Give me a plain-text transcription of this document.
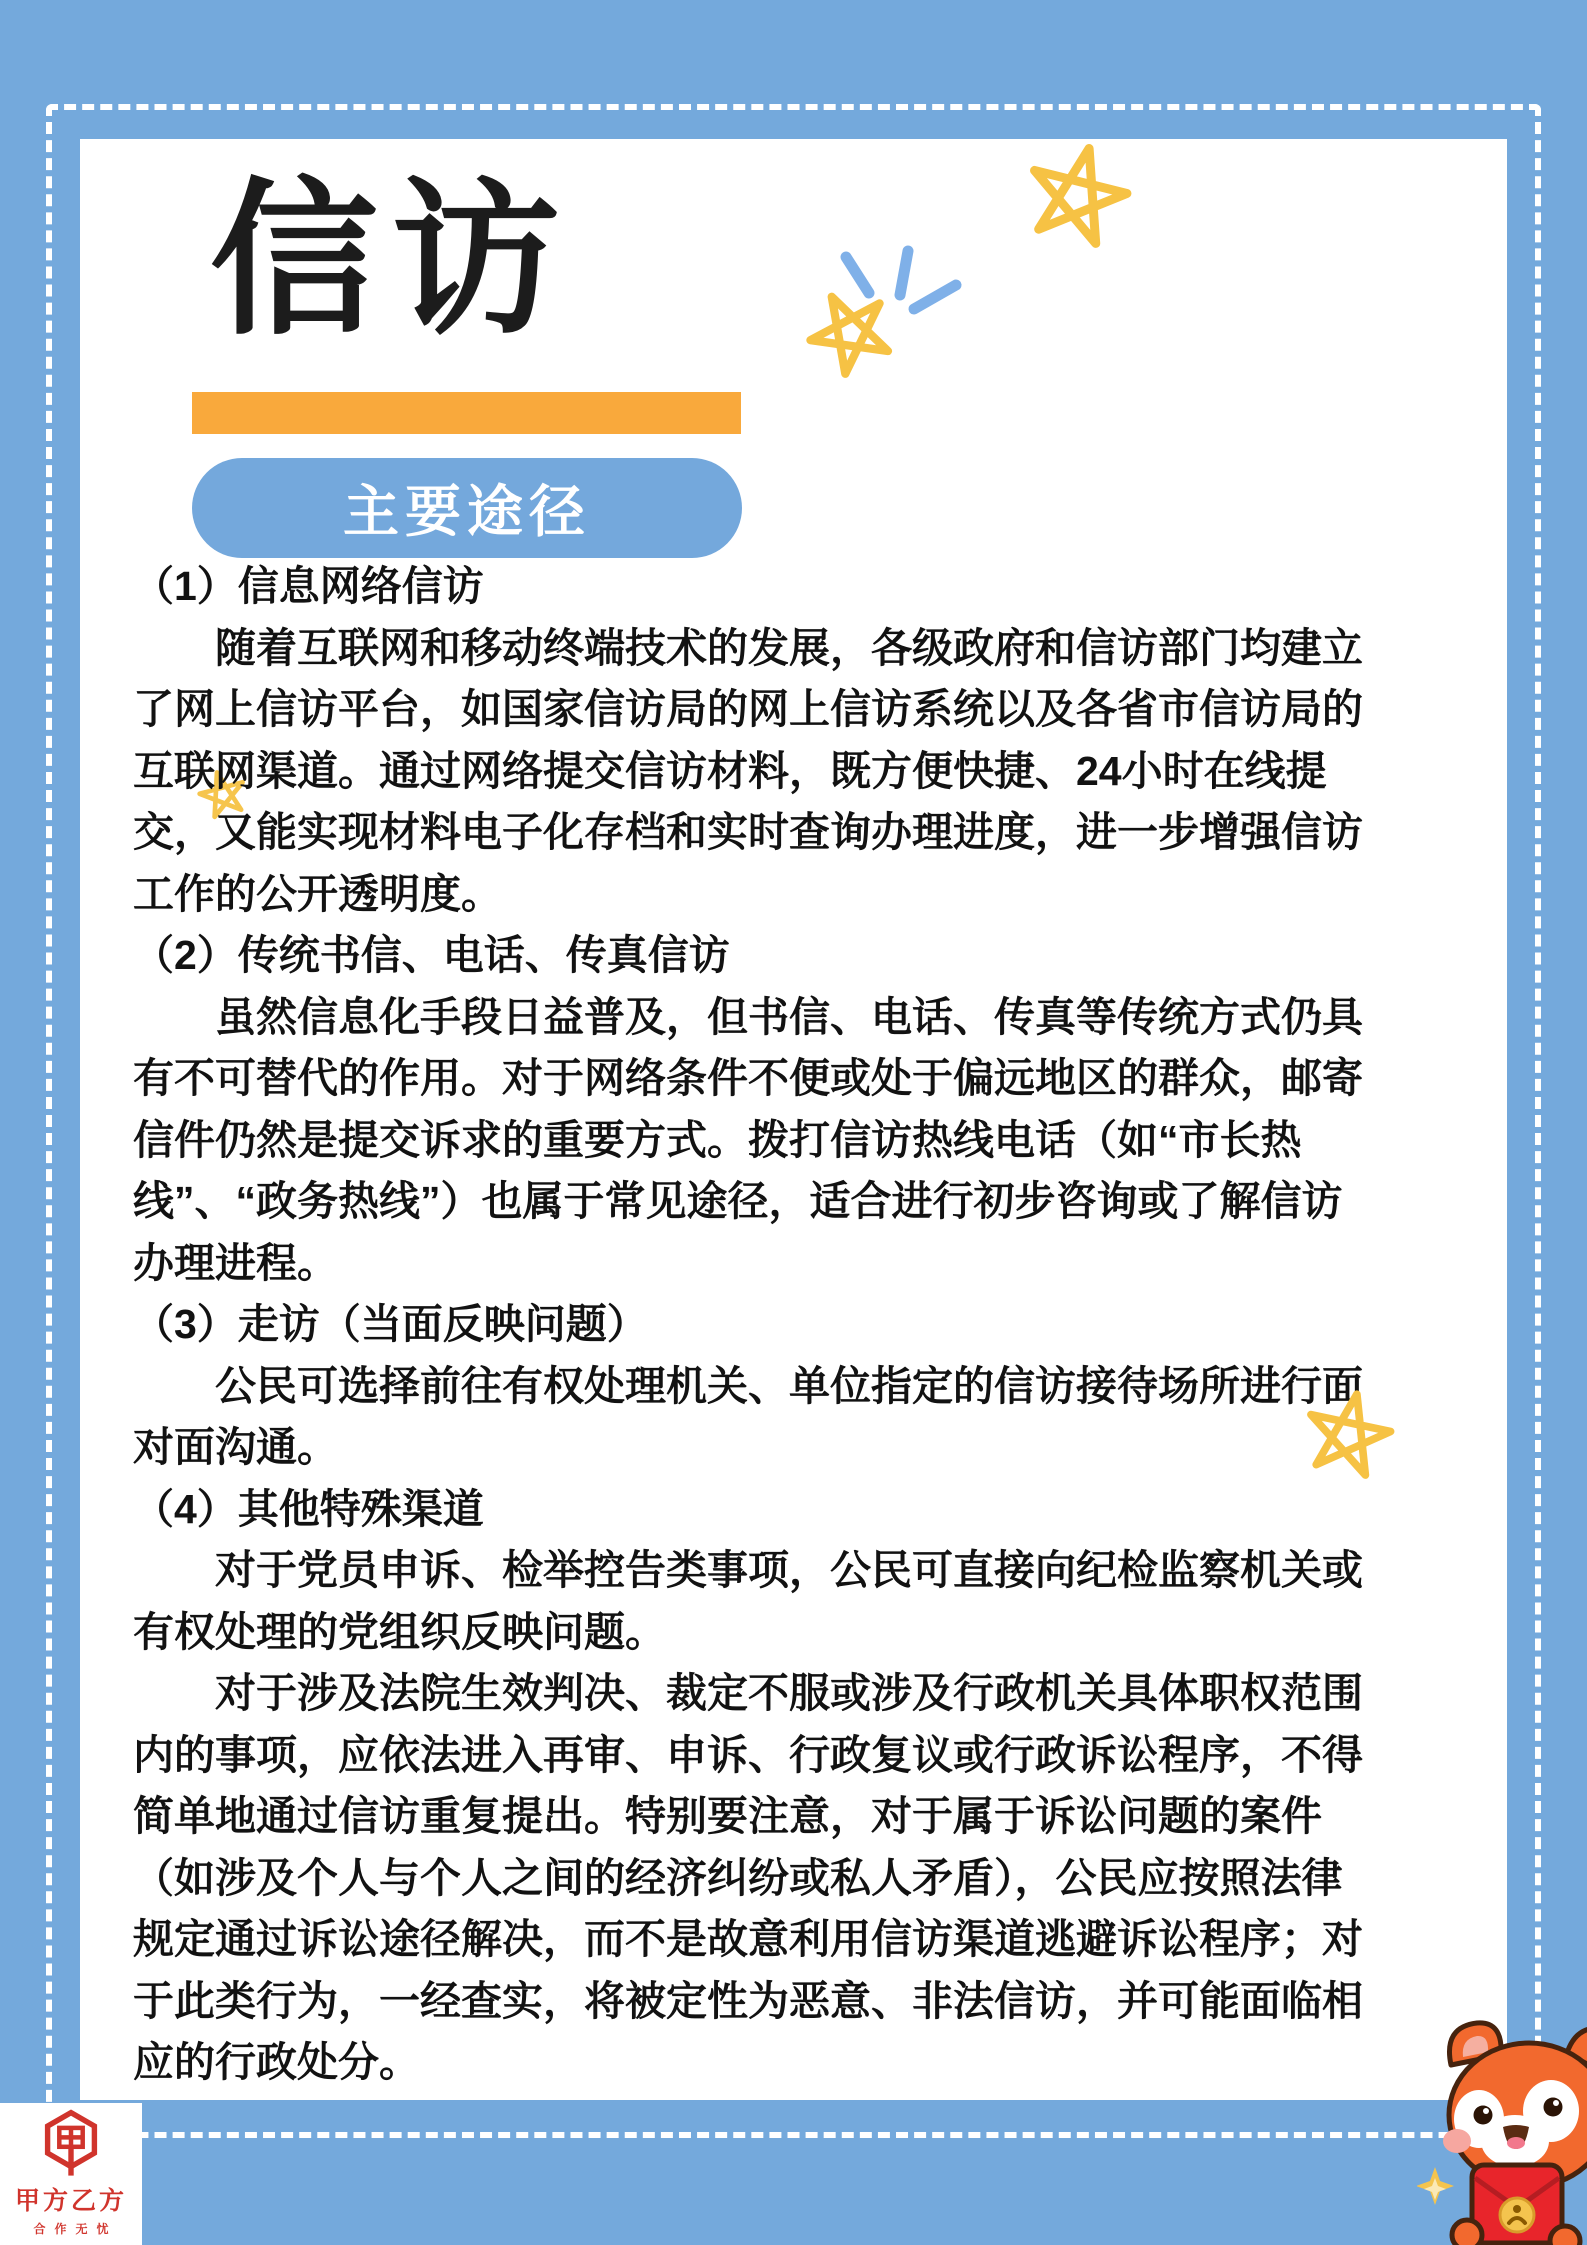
信访
主要途径
（1）信息网络信访

随着互联网和移动终端技术的发展，各级政府和信访部门均建立了网上信访平台，如国家信访局的网上信访系统以及各省市信访局的互联网渠道。通过网络提交信访材料，既方便快捷、24小时在线提交，又能实现材料电子化存档和实时查询办理进度，进一步增强信访工作的公开透明度。

（2）传统书信、电话、传真信访

虽然信息化手段日益普及，但书信、电话、传真等传统方式仍具有不可替代的作用。对于网络条件不便或处于偏远地区的群众，邮寄信件仍然是提交诉求的重要方式。拨打信访热线电话（如“市长热线”、“政务热线”）也属于常见途径，适合进行初步咨询或了解信访办理进程。

（3）走访（当面反映问题）

公民可选择前往有权处理机关、单位指定的信访接待场所进行面对面沟通。

（4）其他特殊渠道

对于党员申诉、检举控告类事项，公民可直接向纪检监察机关或有权处理的党组织反映问题。

对于涉及法院生效判决、裁定不服或涉及行政机关具体职权范围内的事项，应依法进入再审、申诉、行政复议或行政诉讼程序，不得简单地通过信访重复提出。特别要注意，对于属于诉讼问题的案件（如涉及个人与个人之间的经济纠纷或私人矛盾），公民应按照法律规定通过诉讼途径解决，而不是故意利用信访渠道逃避诉讼程序；对于此类行为，一经查实，将被定性为恶意、非法信访，并可能面临相应的行政处分。

甲方乙方
合作无忧
